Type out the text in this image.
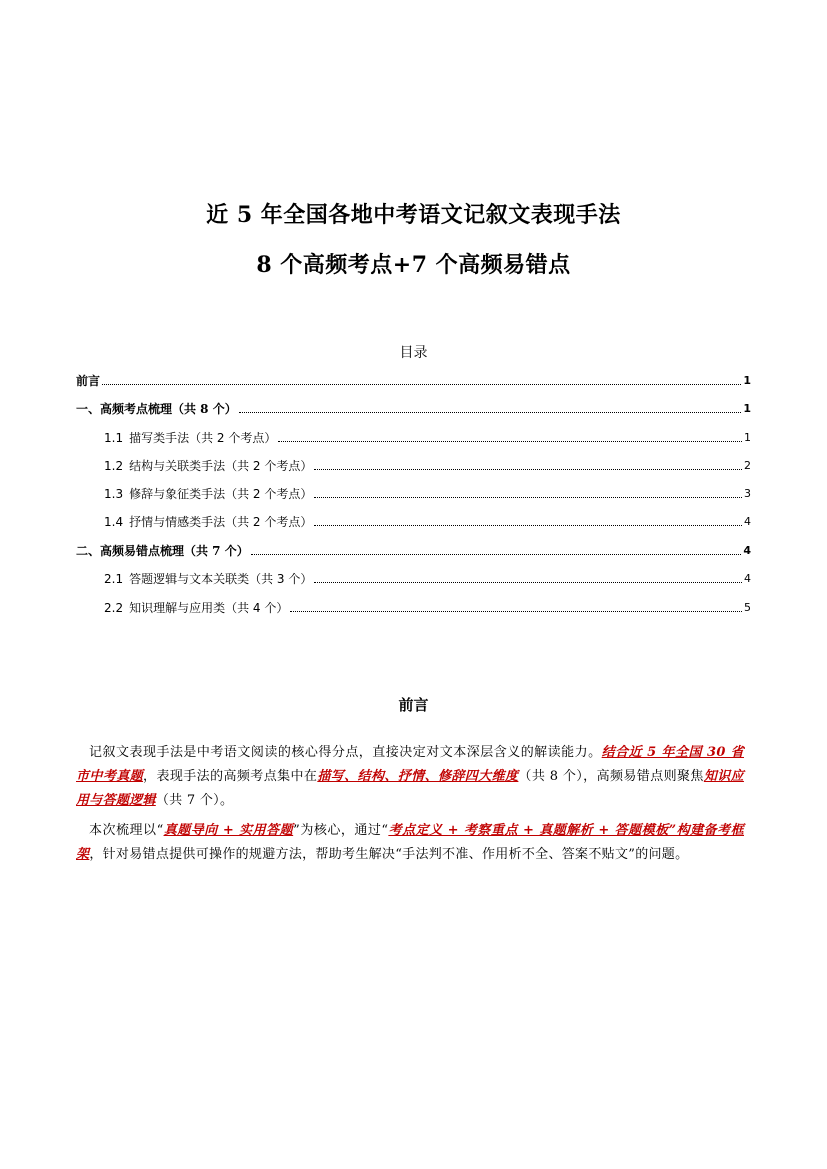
近 5 年全国各地中考语文记叙文表现手法
8 个高频考点+7 个高频易错点
目录
前言	1
一、高频考点梳理（共 8 个）	1
1.1 描写类手法（共 2 个考点）	1
1.2 结构与关联类手法（共 2 个考点）	2
1.3 修辞与象征类手法（共 2 个考点）	3
1.4 抒情与情感类手法（共 2 个考点）	4
二、高频易错点梳理（共 7 个）	4
2.1 答题逻辑与文本关联类（共 3 个）	4
2.2 知识理解与应用类（共 4 个）	5
前言

记叙文表现手法是中考语文阅读的核心得分点，直接决定对文本深层含义的解读能力。结合近 5 年全国 30 省市中考真题，表现手法的高频考点集中在描写、结构、抒情、修辞四大维度（共 8 个），高频易错点则聚焦知识应用与答题逻辑（共 7 个）。

本次梳理以“真题导向 + 实用答题”为核心，通过“考点定义 + 考察重点 + 真题解析 + 答题模板”构建备考框架，针对易错点提供可操作的规避方法，帮助考生解决“手法判不准、作用析不全、答案不贴文”的问题。
